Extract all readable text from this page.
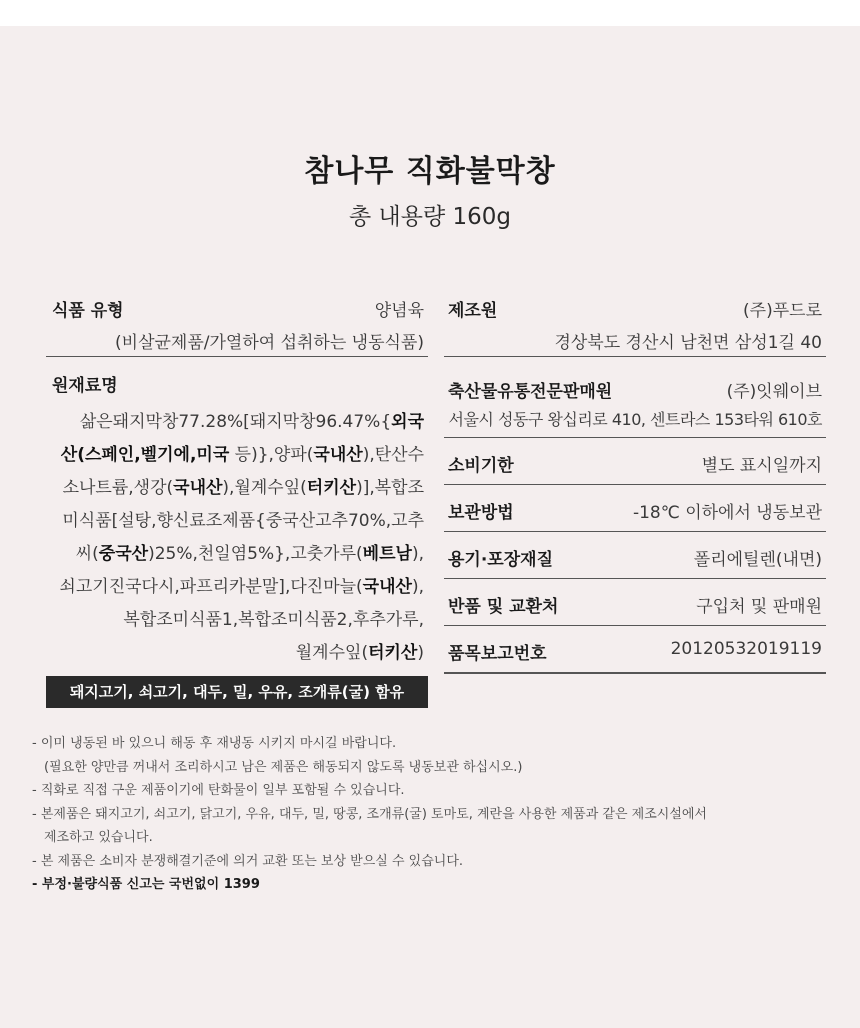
참나무 직화불막창
총 내용량 160g
식품 유형	양념육
(비살균제품/가열하여 섭취하는 냉동식품)
원재료명
삶은돼지막창77.28%[돼지막창96.47%{외국
산(스페인,벨기에,미국 등)},양파(국내산),탄산수
소나트륨,생강(국내산),월계수잎(터키산)],복합조
미식품[설탕,향신료조제품{중국산고추70%,고추
씨(중국산)25%,천일염5%},고춧가루(베트남),
쇠고기진국다시,파프리카분말],다진마늘(국내산),
복합조미식품1,복합조미식품2,후추가루,
월계수잎(터키산)
돼지고기, 쇠고기, 대두, 밀, 우유, 조개류(굴) 함유
제조원	(주)푸드로
경상북도 경산시 남천면 삼성1길 40
축산물유통전문판매원	(주)잇웨이브
서울시 성동구 왕십리로 410, 센트라스 153타워 610호
소비기한	별도 표시일까지
보관방법	-18℃ 이하에서 냉동보관
용기·포장재질	폴리에틸렌(내면)
반품 및 교환처	구입처 및 판매원
품목보고번호	20120532019119
- 이미 냉동된 바 있으니 해동 후 재냉동 시키지 마시길 바랍니다.
(필요한 양만큼 꺼내서 조리하시고 남은 제품은 해동되지 않도록 냉동보관 하십시오.)
- 직화로 직접 구운 제품이기에 탄화물이 일부 포함될 수 있습니다.
- 본제품은 돼지고기, 쇠고기, 닭고기, 우유, 대두, 밀, 땅콩, 조개류(굴) 토마토, 계란을 사용한 제품과 같은 제조시설에서
제조하고 있습니다.
- 본 제품은 소비자 분쟁해결기준에 의거 교환 또는 보상 받으실 수 있습니다.
- 부정·불량식품 신고는 국번없이 1399
